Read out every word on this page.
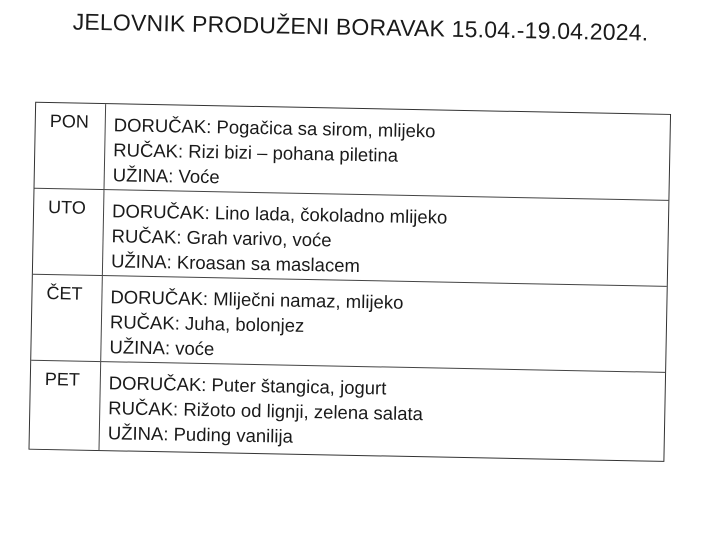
JELOVNIK PRODUŽENI BORAVAK 15.04.-19.04.2024.
PON	DORUČAK: Pogačica sa sirom, mlijeko
RUČAK: Rizi bizi – pohana piletina
UŽINA: Voće
UTO	DORUČAK: Lino lada, čokoladno mlijeko
RUČAK: Grah varivo, voće
UŽINA: Kroasan sa maslacem
ČET	DORUČAK: Mliječni namaz, mlijeko
RUČAK: Juha, bolonjez
UŽINA: voće
PET	DORUČAK: Puter štangica, jogurt
RUČAK: Rižoto od lignji, zelena salata
UŽINA: Puding vanilija
